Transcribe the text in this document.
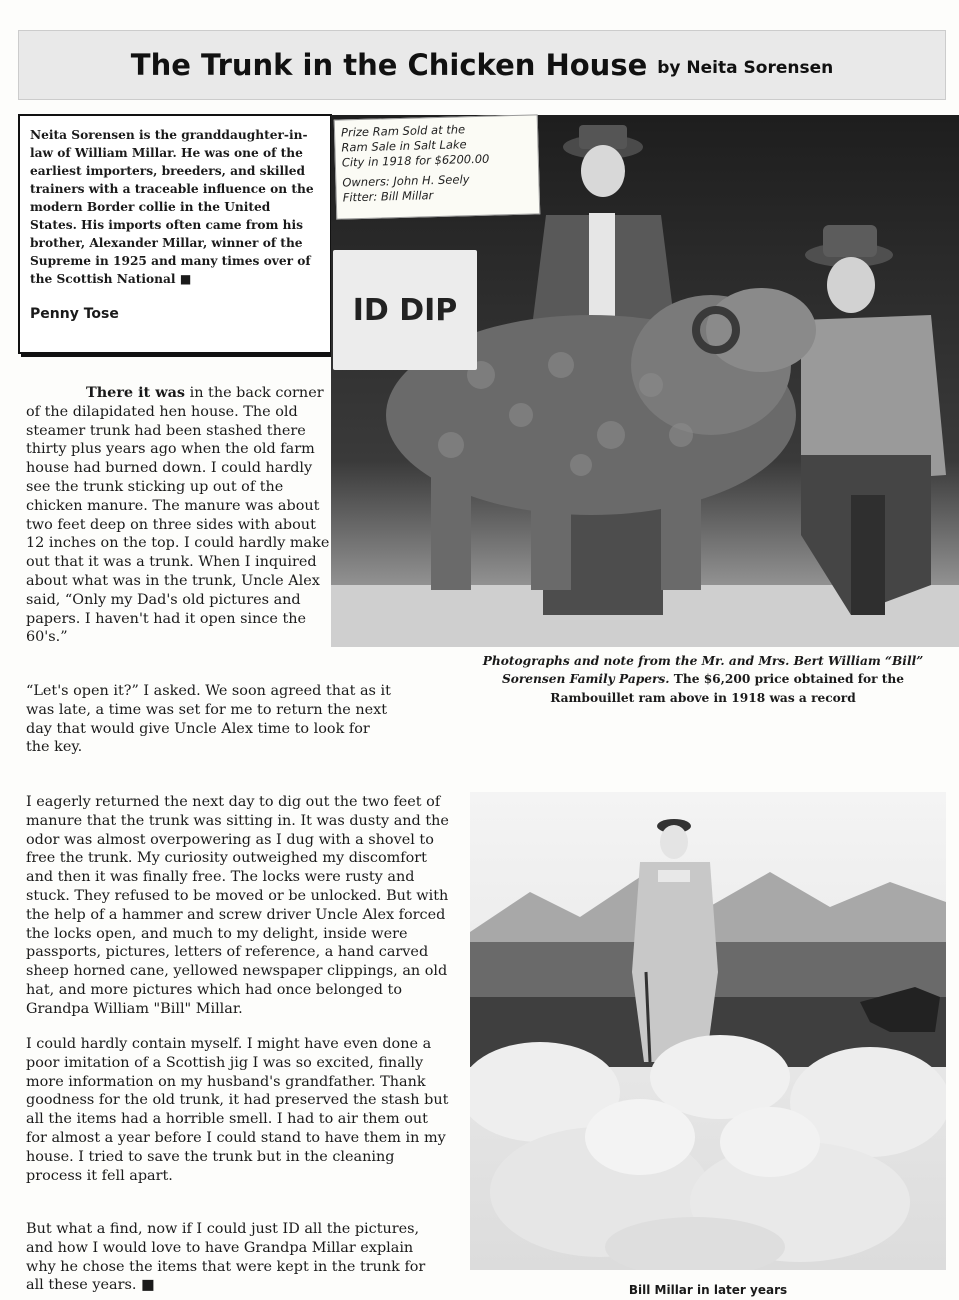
The Trunk in the Chicken House by Neita Sorensen
Neita Sorensen is the granddaughter-in-law of William Millar. He was one of the earliest importers, breeders, and skilled trainers with a traceable influence on the modern Border collie in the United States. His imports often came from his brother, Alexander Millar, winner of the Supreme in 1925 and many times over of the Scottish National ■
Penny Tose
Prize Ram Sold at the
Ram Sale in Salt Lake
City in 1918 for $6200.00
Owners: John H. Seely
Fitter: Bill Millar
ID DIP
Photographs and note from the Mr. and Mrs. Bert William “Bill” Sorensen Family Papers. The $6,200 price obtained for the Rambouillet ram above in 1918 was a record
There it was in the back corner of the dilapidated hen house. The old steamer trunk had been stashed there thirty plus years ago when the old farm house had burned down. I could hardly see the trunk sticking up out of the chicken manure. The manure was about two feet deep on three sides with about 12 inches on the top. I could hardly make out that it was a trunk. When I inquired about what was in the trunk, Uncle Alex said, “Only my Dad's old pictures and papers. I haven't had it open since the 60's.”
“Let's open it?” I asked. We soon agreed that as it was late, a time was set for me to return the next day that would give Uncle Alex time to look for the key.
I eagerly returned the next day to dig out the two feet of manure that the trunk was sitting in. It was dusty and the odor was almost overpowering as I dug with a shovel to free the trunk. My curiosity outweighed my discomfort and then it was finally free. The locks were rusty and stuck. They refused to be moved or be unlocked. But with the help of a hammer and screw driver Uncle Alex forced the locks open, and much to my delight, inside were passports, pictures, letters of reference, a hand carved sheep horned cane, yellowed newspaper clippings, an old hat, and more pictures which had once belonged to Grandpa William "Bill" Millar.
Bill Millar in later years
I could hardly contain myself. I might have even done a poor imitation of a Scottish jig I was so excited, finally more information on my husband's grandfather. Thank goodness for the old trunk, it had preserved the stash but all the items had a horrible smell. I had to air them out for almost a year before I could stand to have them in my house. I tried to save the trunk but in the cleaning process it fell apart.
But what a find, now if I could just ID all the pictures, and how I would love to have Grandpa Millar explain why he chose the items that were kept in the trunk for all these years. ■
